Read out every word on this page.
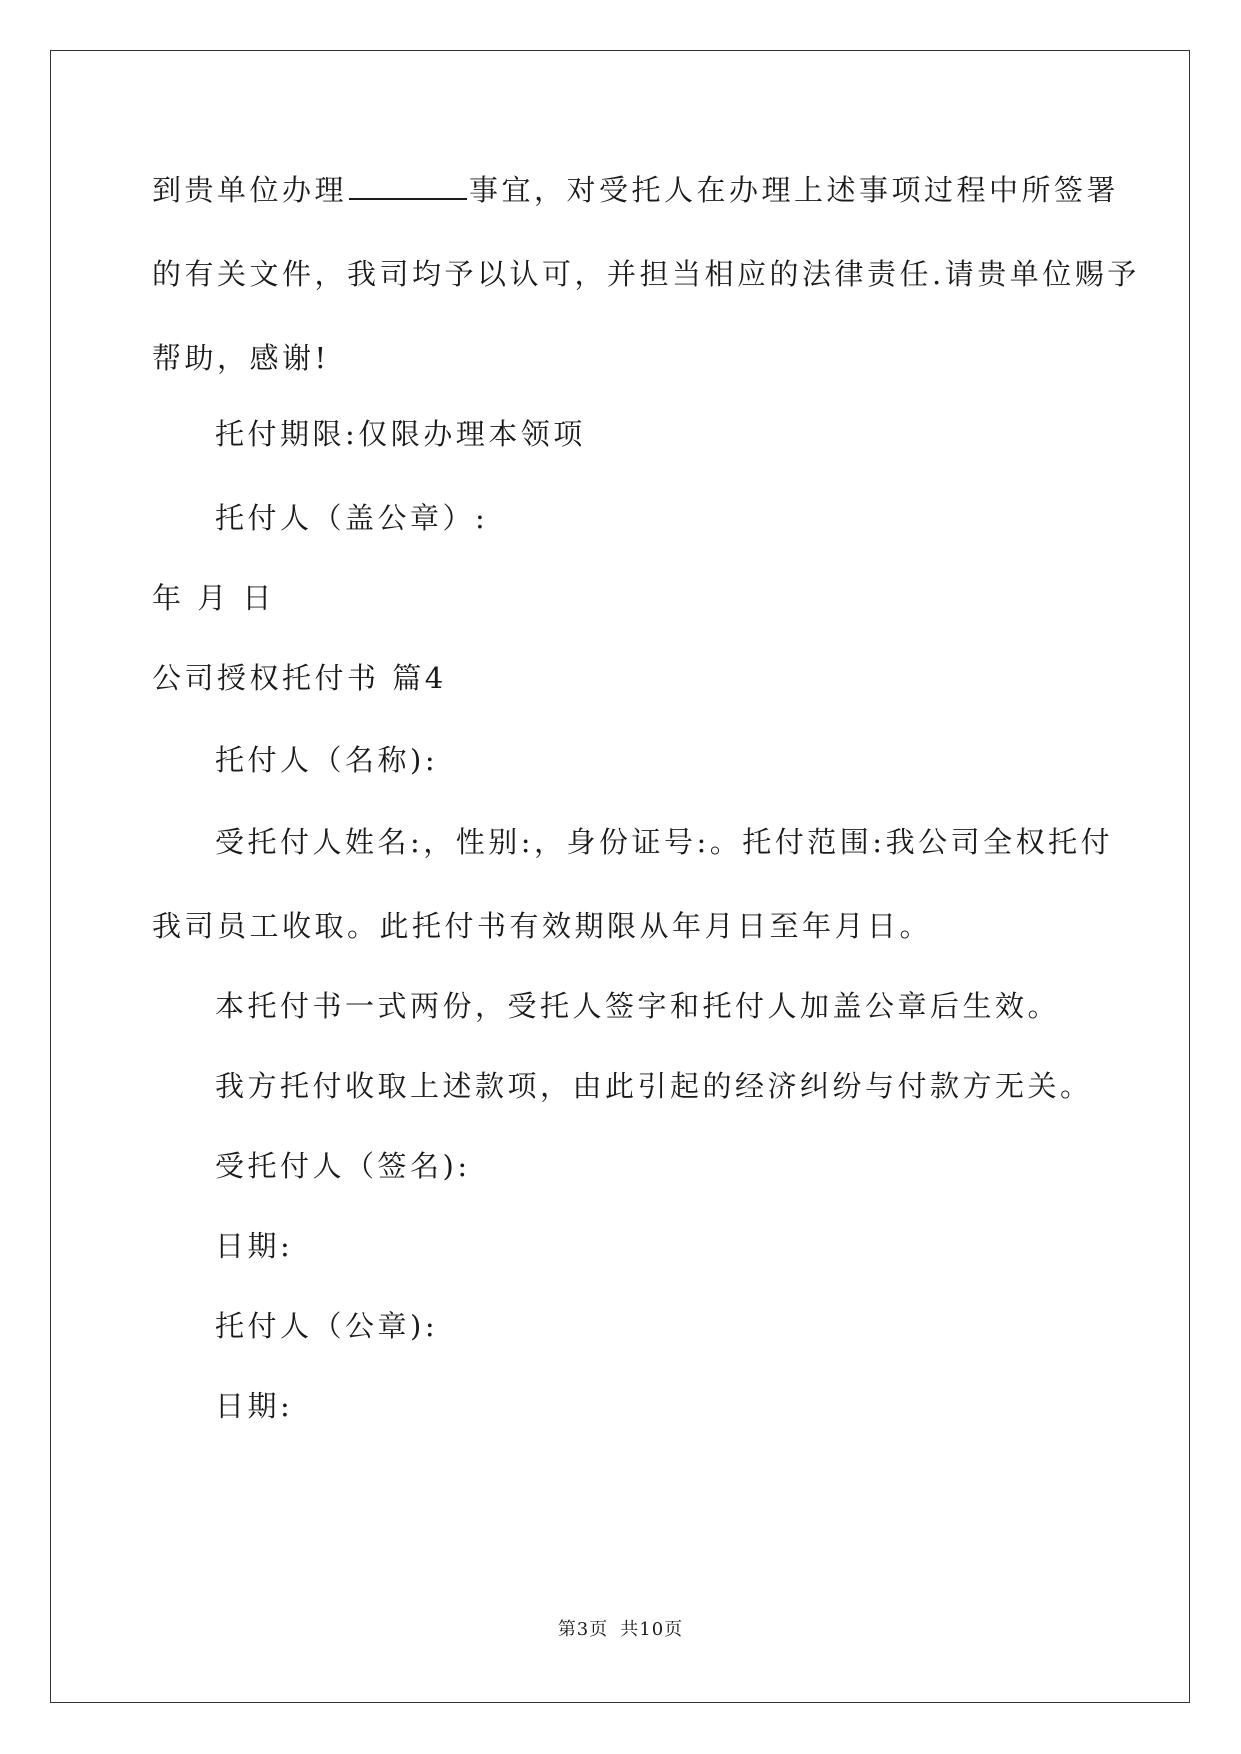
到贵单位办理	事宜，对受托人在办理上述事项过程中所签署
的有关文件，我司均予以认可，并担当相应的法律责任.请贵单位赐予
帮助，感谢!
托付期限:仅限办理本领项
托付人（盖公章）:
年 月 日
公司授权托付书 篇4
托付人（名称):
受托付人姓名:，性别:，身份证号:。托付范围:我公司全权托付
我司员工收取。此托付书有效期限从年月日至年月日。
本托付书一式两份，受托人签字和托付人加盖公章后生效。
我方托付收取上述款项，由此引起的经济纠纷与付款方无关。
受托付人（签名):
日期:
托付人（公章):
日期:
第3页 共10页
